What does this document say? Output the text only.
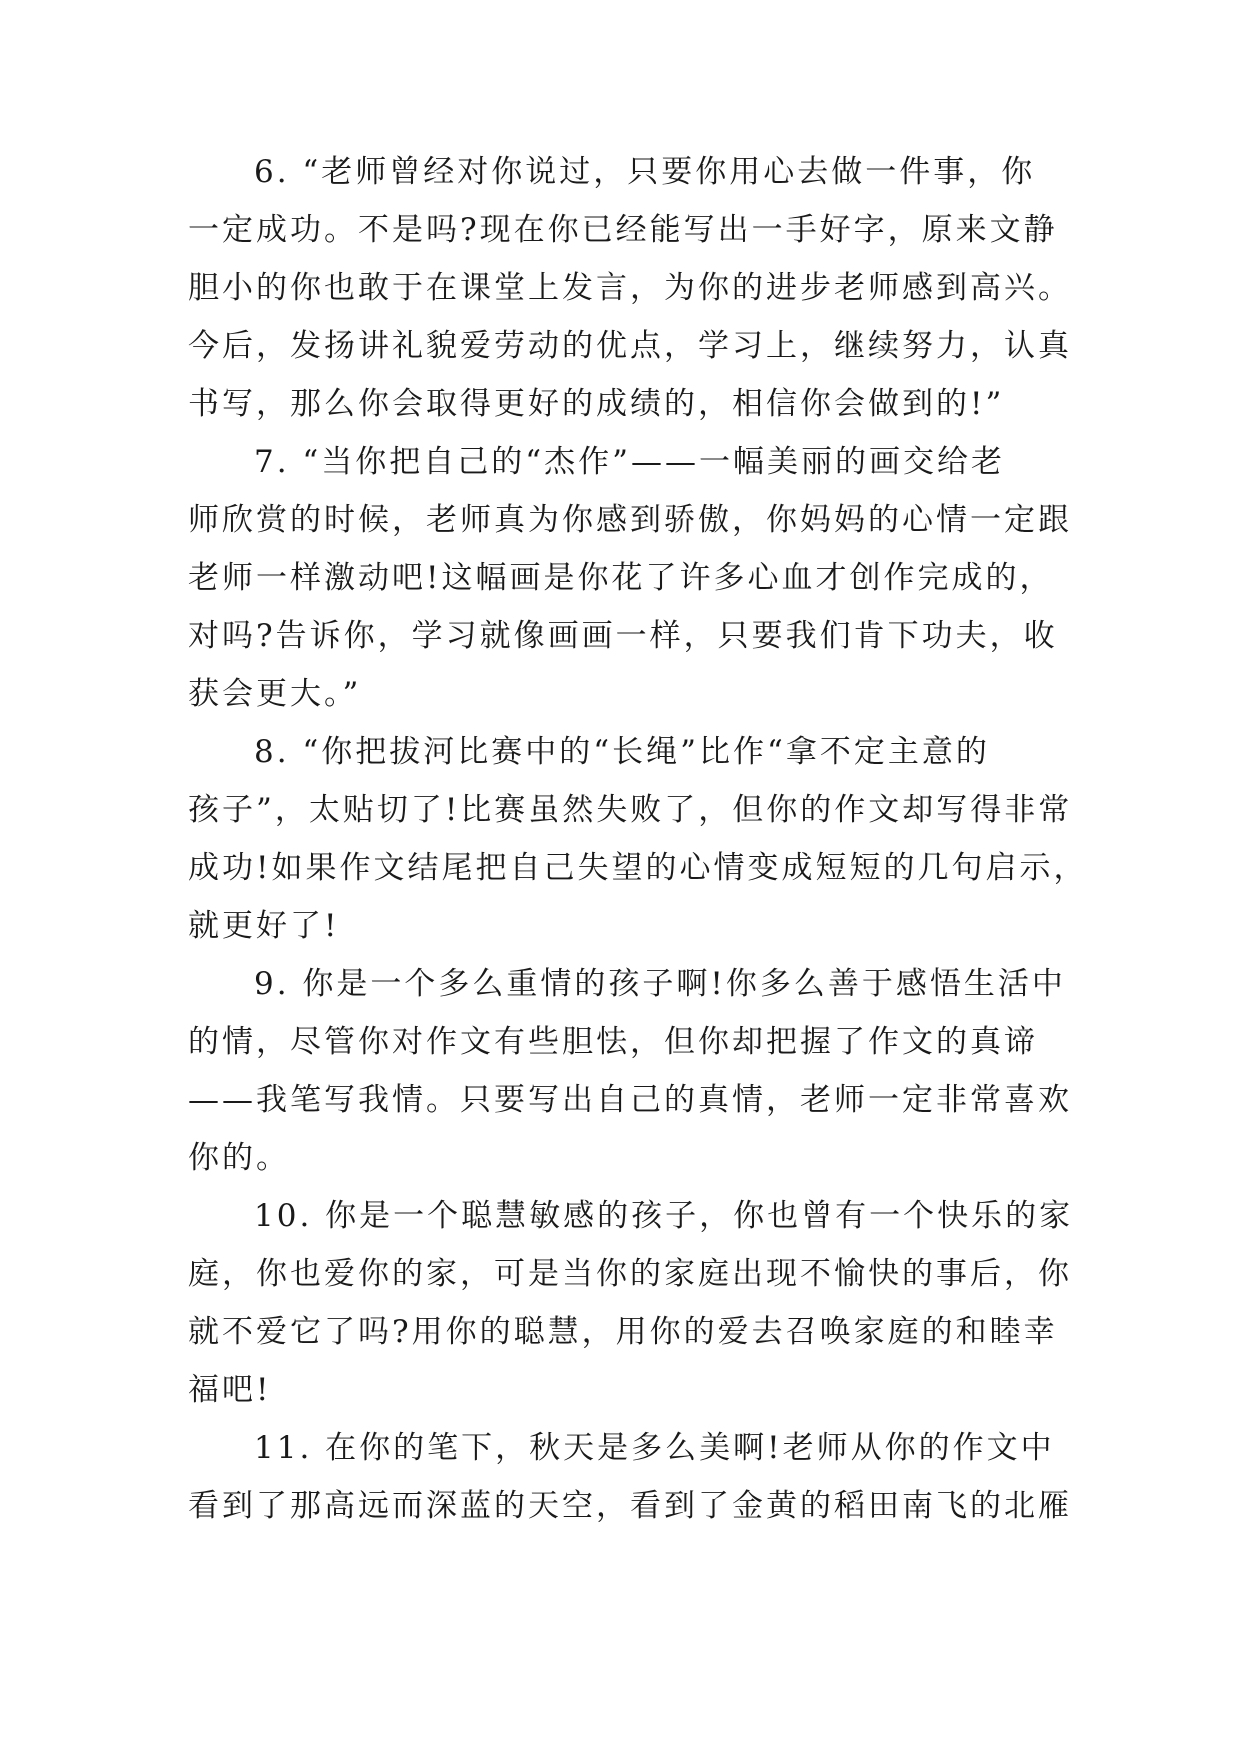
6. “老师曾经对你说过，只要你用心去做一件事，你
一定成功。不是吗?现在你已经能写出一手好字，原来文静
胆小的你也敢于在课堂上发言，为你的进步老师感到高兴。
今后，发扬讲礼貌爱劳动的优点，学习上，继续努力，认真
书写，那么你会取得更好的成绩的，相信你会做到的!”
7. “当你把自己的“杰作”——一幅美丽的画交给老
师欣赏的时候，老师真为你感到骄傲，你妈妈的心情一定跟
老师一样激动吧!这幅画是你花了许多心血才创作完成的，
对吗?告诉你，学习就像画画一样，只要我们肯下功夫，收
获会更大。”
8. “你把拔河比赛中的“长绳”比作“拿不定主意的
孩子”，太贴切了!比赛虽然失败了，但你的作文却写得非常
成功!如果作文结尾把自己失望的心情变成短短的几句启示，
就更好了!
9. 你是一个多么重情的孩子啊!你多么善于感悟生活中
的情，尽管你对作文有些胆怯，但你却把握了作文的真谛
——我笔写我情。只要写出自己的真情，老师一定非常喜欢
你的。
10. 你是一个聪慧敏感的孩子，你也曾有一个快乐的家
庭，你也爱你的家，可是当你的家庭出现不愉快的事后，你
就不爱它了吗?用你的聪慧，用你的爱去召唤家庭的和睦幸
福吧!
11. 在你的笔下，秋天是多么美啊!老师从你的作文中
看到了那高远而深蓝的天空，看到了金黄的稻田南飞的北雁
